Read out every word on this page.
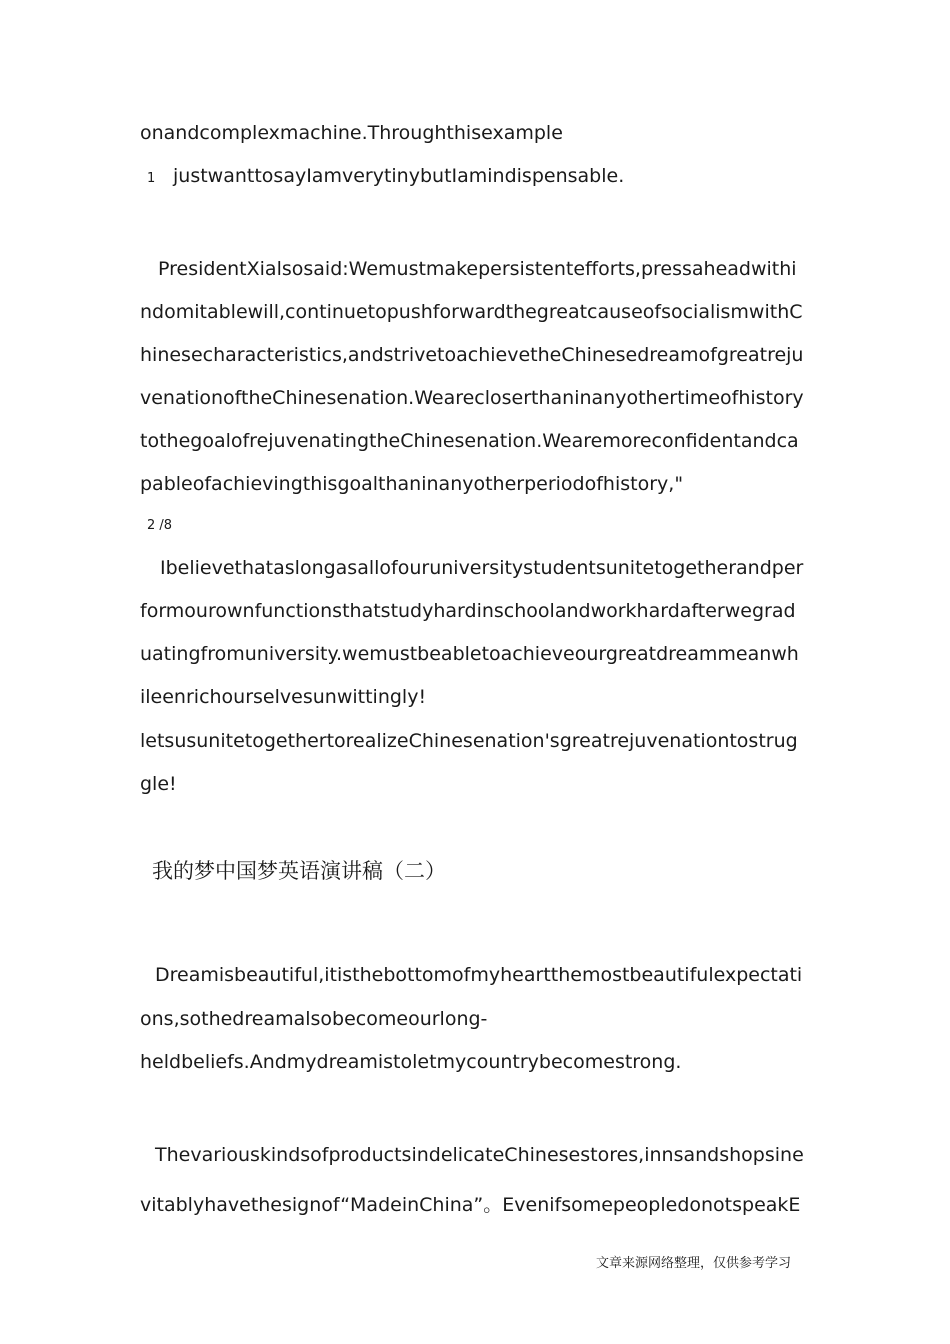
onandcomplexmachine.Throughthisexample
1 justwanttosayIamverytinybutIamindispensable.
PresidentXialsosaid:Wemustmakepersistentefforts,pressaheadwithi
ndomitablewill,continuetopushforwardthegreatcauseofsocialismwithC
hinesecharacteristics,andstrivetoachievetheChinesedreamofgreatreju
venationoftheChinesenation.Wearecloserthaninanyothertimeofhistory
tothegoalofrejuvenatingtheChinesenation.Wearemoreconfidentandca
pableofachievingthisgoalthaninanyotherperiodofhistory,"
2 /8
Ibelievethataslongasallofouruniversitystudentsunitetogetherandper
formourownfunctionsthatstudyhardinschoolandworkhardafterwegrad
uatingfromuniversity.wemustbeabletoachieveourgreatdreammeanwh
ileenrichourselvesunwittingly!
letsusunitetogethertorealizeChinesenation'sgreatrejuvenationtostrug
gle!
我的梦中国梦英语演讲稿（二）
Dreamisbeautiful,itisthebottomofmyheartthemostbeautifulexpectati
ons,sothedreamalsobecomeourlong-
heldbeliefs.Andmydreamistoletmycountrybecomestrong.
ThevariouskindsofproductsindelicateChinesestores,innsandshopsine
vitablyhavethesignof“MadeinChina”。EvenifsomepeopledonotspeakE
文章来源网络整理，仅供参考学习
